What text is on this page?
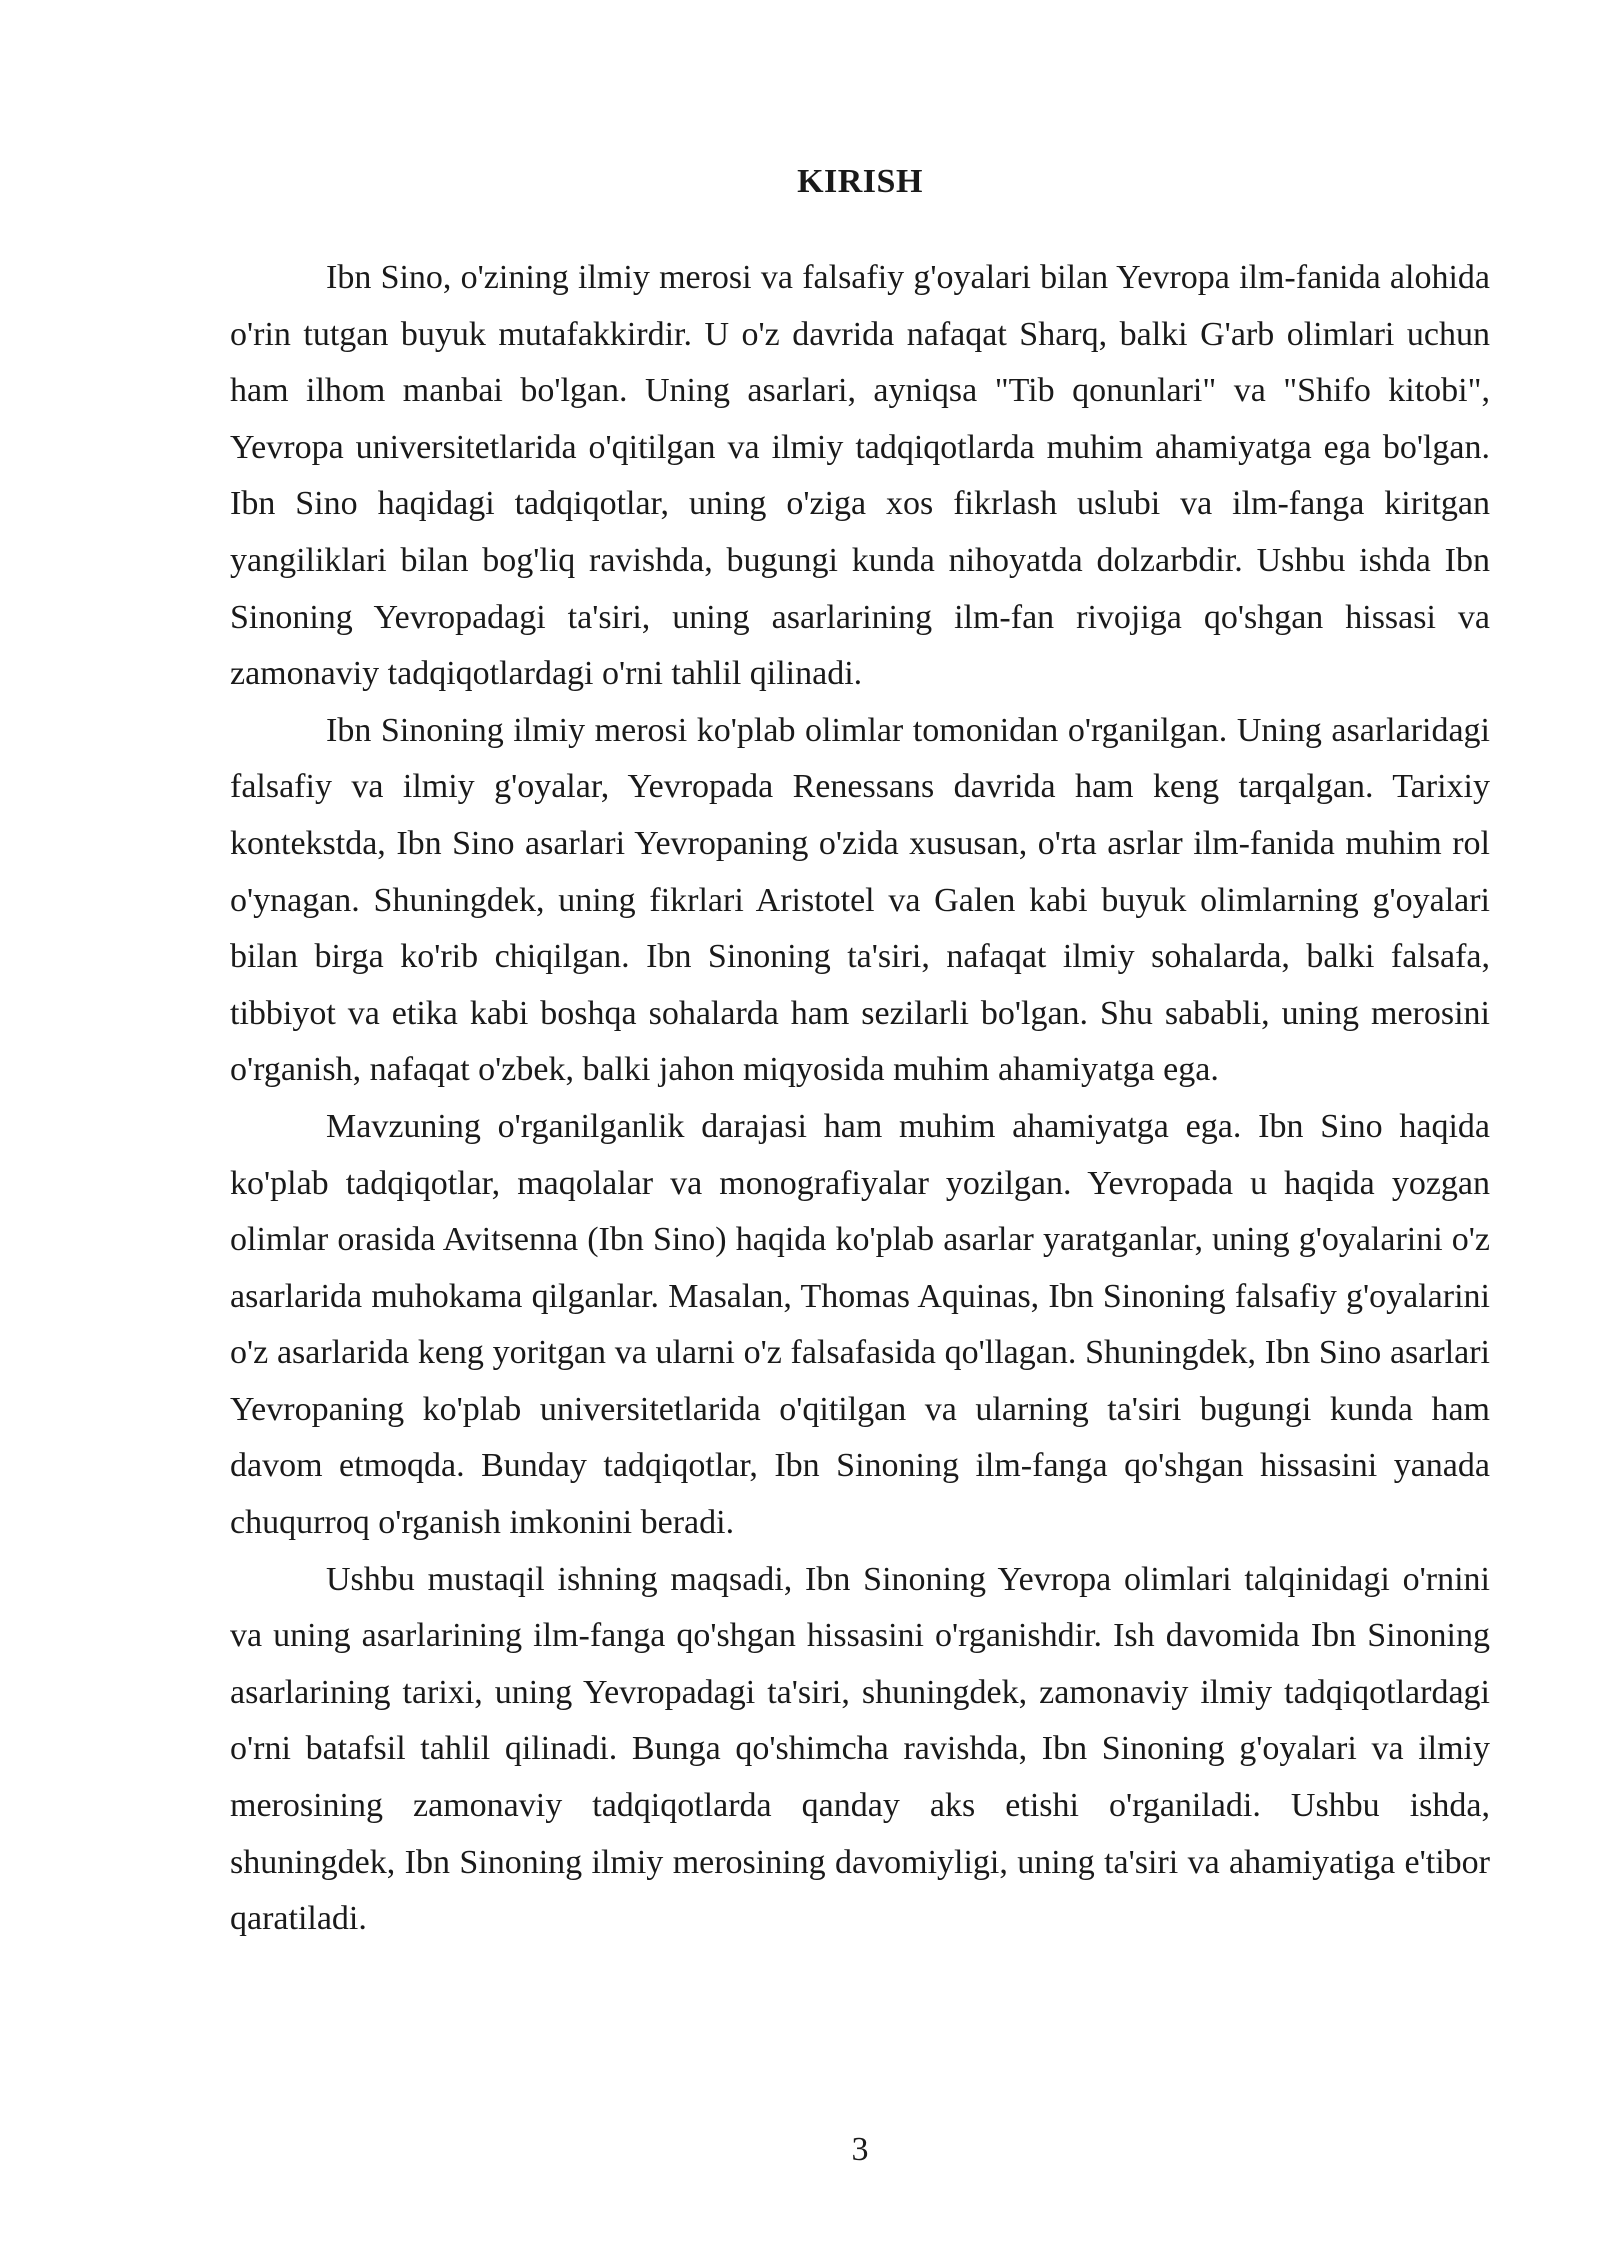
KIRISH

Ibn Sino, o'zining ilmiy merosi va falsafiy g'oyalari bilan Yevropa ilm-fanida alohida o'rin tutgan buyuk mutafakkirdir. U o'z davrida nafaqat Sharq, balki G'arb olimlari uchun ham ilhom manbai bo'lgan. Uning asarlari, ayniqsa "Tib qonunlari" va "Shifo kitobi", Yevropa universitetlarida o'qitilgan va ilmiy tadqiqotlarda muhim ahamiyatga ega bo'lgan. Ibn Sino haqidagi tadqiqotlar, uning o'ziga xos fikrlash uslubi va ilm-fanga kiritgan yangiliklari bilan bog'liq ravishda, bugungi kunda nihoyatda dolzarbdir. Ushbu ishda Ibn Sinoning Yevropadagi ta'siri, uning asarlarining ilm-fan rivojiga qo'shgan hissasi va zamonaviy tadqiqotlardagi o'rni tahlil qilinadi.

Ibn Sinoning ilmiy merosi ko'plab olimlar tomonidan o'rganilgan. Uning asarlaridagi falsafiy va ilmiy g'oyalar, Yevropada Renessans davrida ham keng tarqalgan. Tarixiy kontekstda, Ibn Sino asarlari Yevropaning o'zida xususan, o'rta asrlar ilm-fanida muhim rol o'ynagan. Shuningdek, uning fikrlari Aristotel va Galen kabi buyuk olimlarning g'oyalari bilan birga ko'rib chiqilgan. Ibn Sinoning ta'siri, nafaqat ilmiy sohalarda, balki falsafa, tibbiyot va etika kabi boshqa sohalarda ham sezilarli bo'lgan. Shu sababli, uning merosini o'rganish, nafaqat o'zbek, balki jahon miqyosida muhim ahamiyatga ega.

Mavzuning o'rganilganlik darajasi ham muhim ahamiyatga ega. Ibn Sino haqida ko'plab tadqiqotlar, maqolalar va monografiyalar yozilgan. Yevropada u haqida yozgan olimlar orasida Avitsenna (Ibn Sino) haqida ko'plab asarlar yaratganlar, uning g'oyalarini o'z asarlarida muhokama qilganlar. Masalan, Thomas Aquinas, Ibn Sinoning falsafiy g'oyalarini o'z asarlarida keng yoritgan va ularni o'z falsafasida qo'llagan. Shuningdek, Ibn Sino asarlari Yevropaning ko'plab universitetlarida o'qitilgan va ularning ta'siri bugungi kunda ham davom etmoqda. Bunday tadqiqotlar, Ibn Sinoning ilm-fanga qo'shgan hissasini yanada chuqurroq o'rganish imkonini beradi.

Ushbu mustaqil ishning maqsadi, Ibn Sinoning Yevropa olimlari talqinidagi o'rnini va uning asarlarining ilm-fanga qo'shgan hissasini o'rganishdir. Ish davomida Ibn Sinoning asarlarining tarixi, uning Yevropadagi ta'siri, shuningdek, zamonaviy ilmiy tadqiqotlardagi o'rni batafsil tahlil qilinadi. Bunga qo'shimcha ravishda, Ibn Sinoning g'oyalari va ilmiy merosining zamonaviy tadqiqotlarda qanday aks etishi o'rganiladi. Ushbu ishda, shuningdek, Ibn Sinoning ilmiy merosining davomiyligi, uning ta'siri va ahamiyatiga e'tibor qaratiladi.

3
